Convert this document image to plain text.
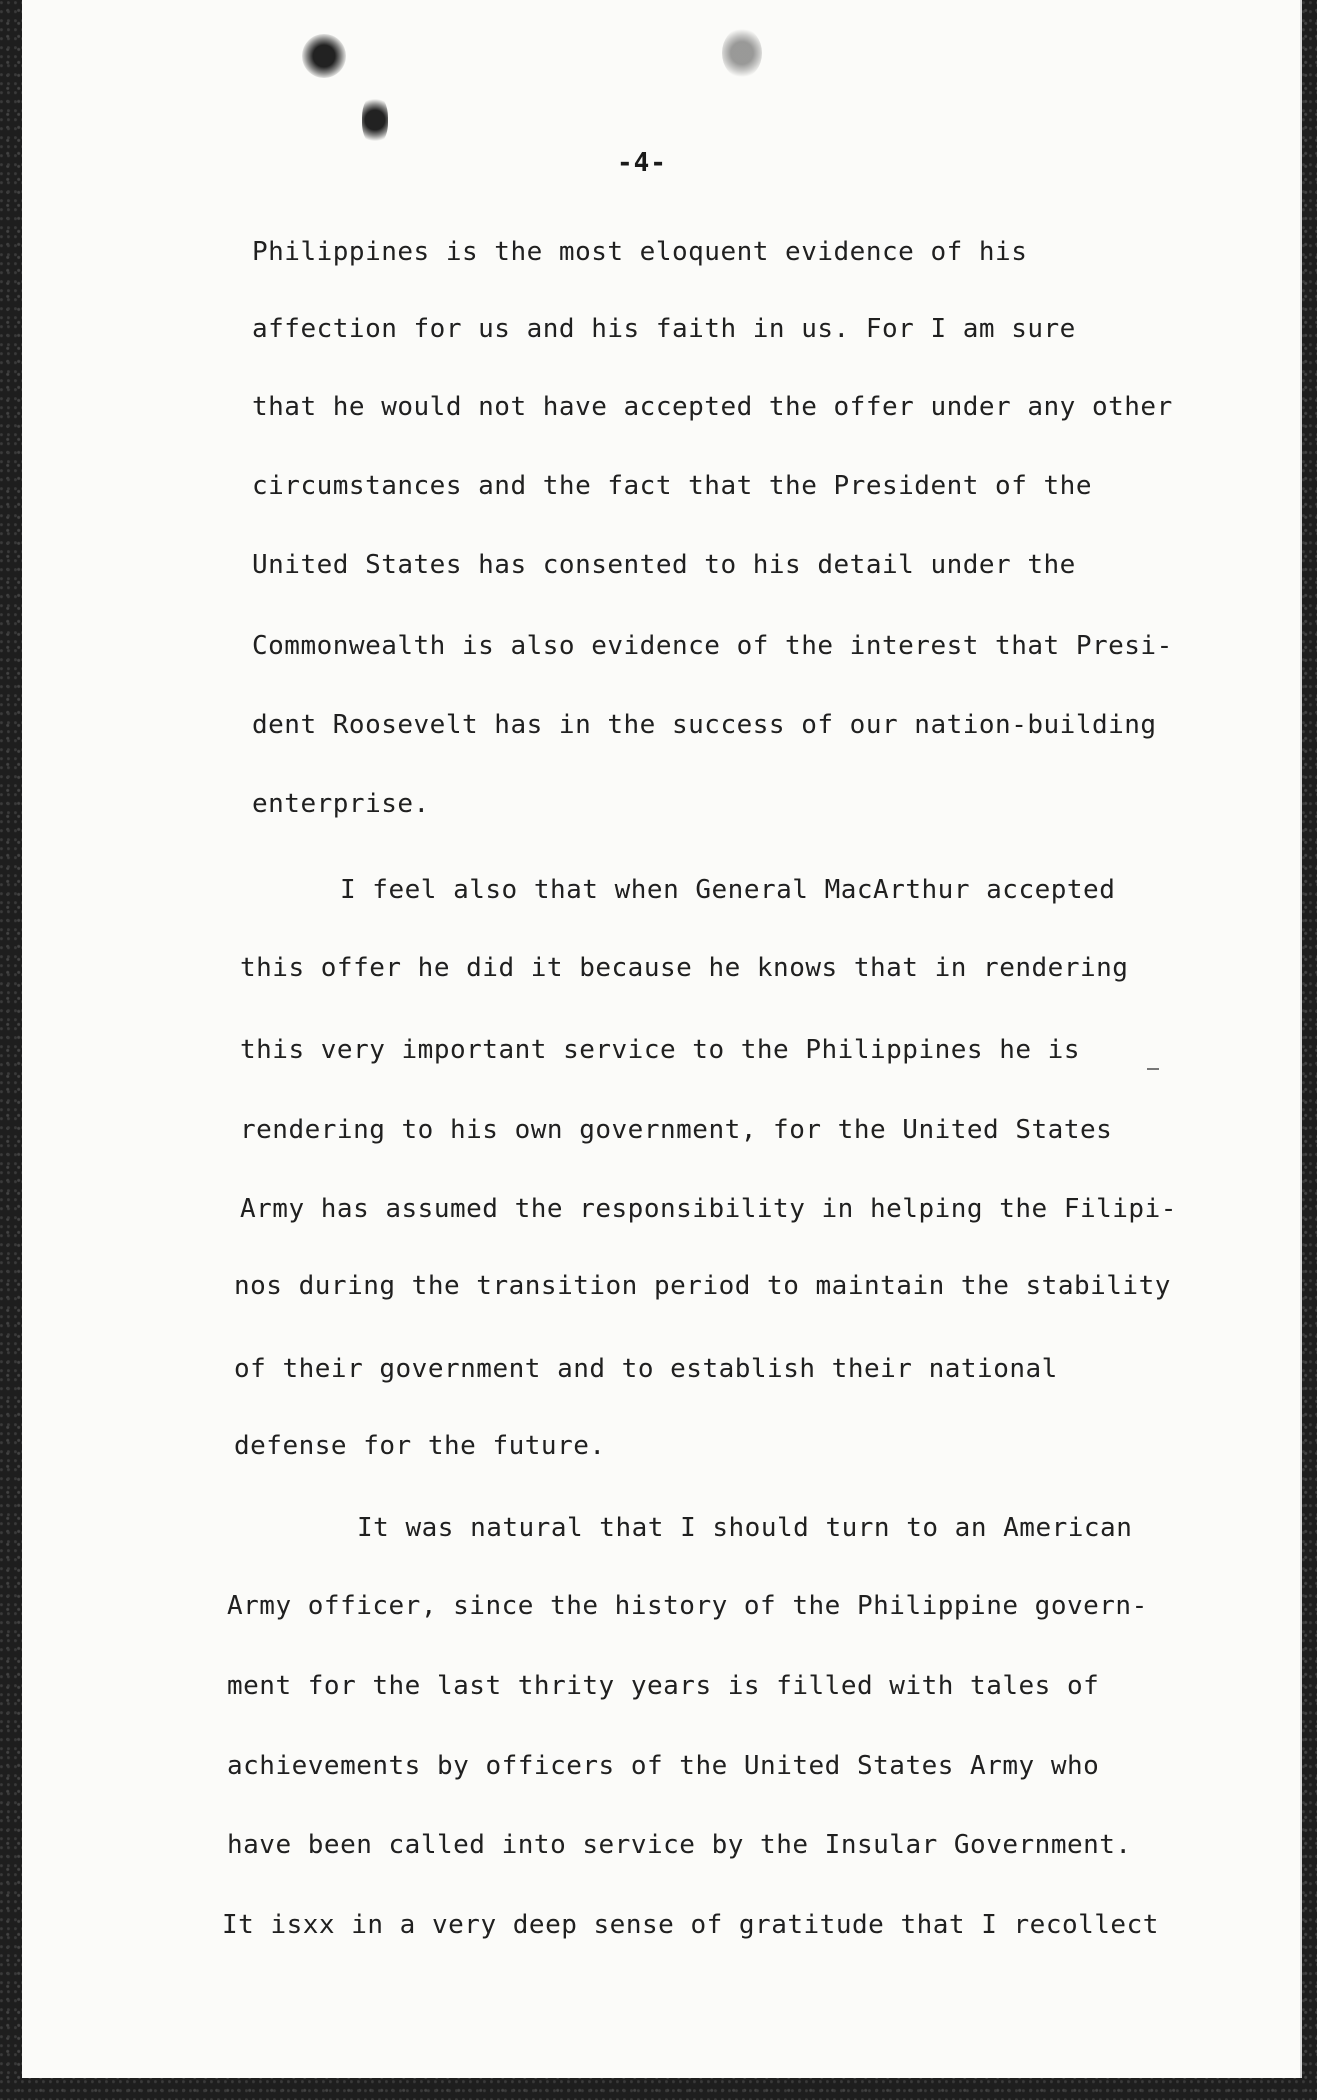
-4-

Philippines is the most eloquent evidence of his

affection for us and his faith in us. For I am sure

that he would not have accepted the offer under any other

circumstances and the fact that the President of the

United States has consented to his detail under the

Commonwealth is also evidence of the interest that Presi-

dent Roosevelt has in the success of our nation-building

enterprise.

I feel also that when General MacArthur accepted

this offer he did it because he knows that in rendering

this very important service to the Philippines he is

rendering to his own government, for the United States

Army has assumed the responsibility in helping the Filipi-

nos during the transition period to maintain the stability

of their government and to establish their national

defense for the future.

It was natural that I should turn to an American

Army officer, since the history of the Philippine govern-

ment for the last thrity years is filled with tales of

achievements by officers of the United States Army who

have been called into service by the Insular Government.

It isxx in a very deep sense of gratitude that I recollect
